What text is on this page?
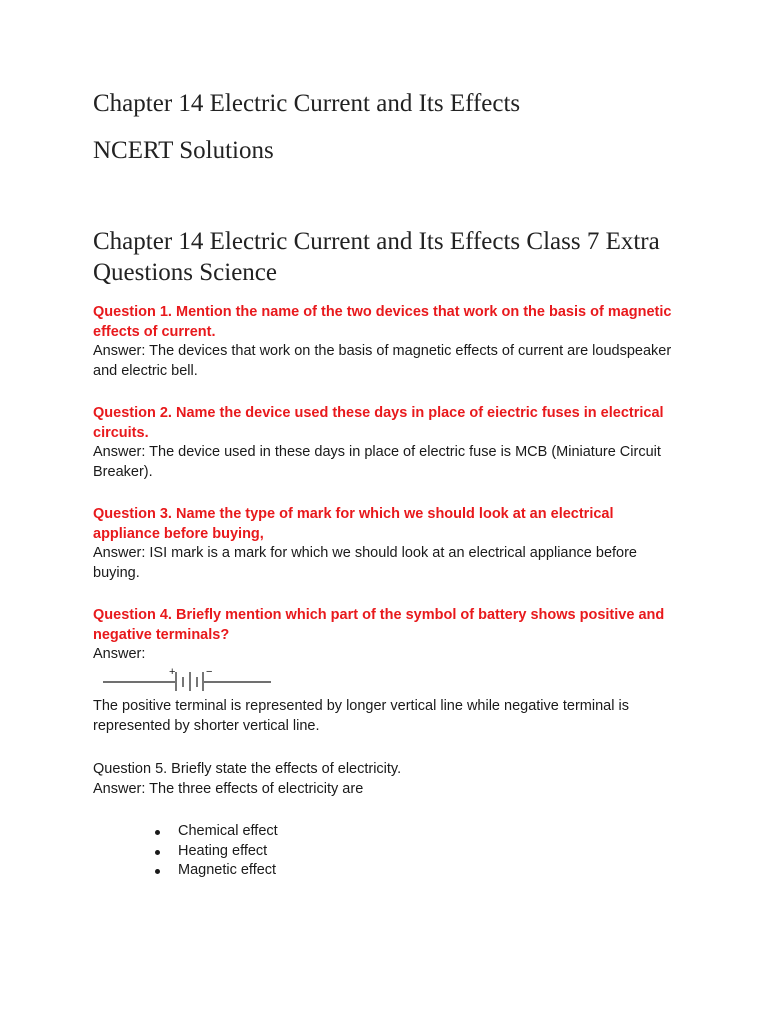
Chapter 14 Electric Current and Its Effects
NCERT Solutions
Chapter 14 Electric Current and Its Effects Class 7 Extra Questions Science
Question 1. Mention the name of the two devices that work on the basis of magnetic effects of current.
Answer: The devices that work on the basis of magnetic effects of current are loudspeaker and electric bell.
Question 2. Name the device used these days in place of eiectric fuses in electrical circuits.
Answer: The device used in these days in place of electric fuse is MCB (Miniature Circuit Breaker).
Question 3. Name the type of mark for which we should look at an electrical appliance before buying,
Answer: ISI mark is a mark for which we should look at an electrical appliance before buying.
Question 4. Briefly mention which part of the symbol of battery shows positive and negative terminals?
Answer:
+	−
The positive terminal is represented by longer vertical line while negative terminal is represented by shorter vertical line.
Question 5. Briefly state the effects of electricity.
Answer: The three effects of electricity are
Chemical effect
Heating effect
Magnetic effect
